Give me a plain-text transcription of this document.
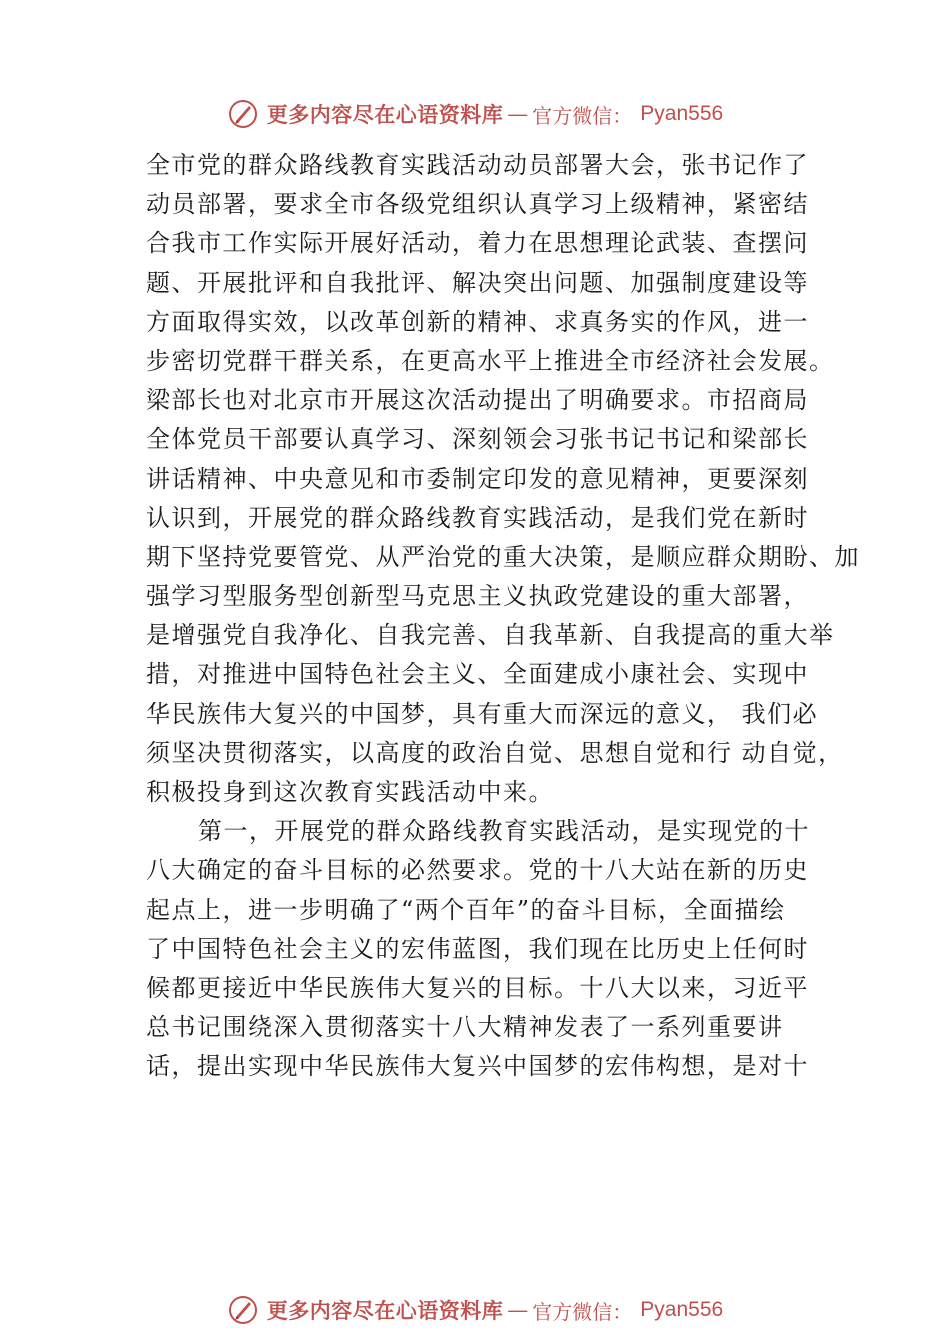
更多内容尽在心语资料库 — 官方微信： Pyan556
全市党的群众路线教育实践活动动员部署大会，张书记作了
动员部署，要求全市各级党组织认真学习上级精神，紧密结
合我市工作实际开展好活动，着力在思想理论武装、查摆问
题、开展批评和自我批评、解决突出问题、加强制度建设等
方面取得实效，以改革创新的精神、求真务实的作风，进一
步密切党群干群关系，在更高水平上推进全市经济社会发展。
梁部长也对北京市开展这次活动提出了明确要求。市招商局
全体党员干部要认真学习、深刻领会习张书记书记和梁部长
讲话精神、中央意见和市委制定印发的意见精神，更要深刻
认识到，开展党的群众路线教育实践活动，是我们党在新时
期下坚持党要管党、从严治党的重大决策，是顺应群众期盼、加
强学习型服务型创新型马克思主义执政党建设的重大部署，
是增强党自我净化、自我完善、自我革新、自我提高的重大举
措，对推进中国特色社会主义、全面建成小康社会、实现中
华民族伟大复兴的中国梦，具有重大而深远的意义， 我们必
须坚决贯彻落实，以高度的政治自觉、思想自觉和行 动自觉，
积极投身到这次教育实践活动中来。
第一，开展党的群众路线教育实践活动，是实现党的十
八大确定的奋斗目标的必然要求。党的十八大站在新的历史
起点上，进一步明确了“两个百年”的奋斗目标，全面描绘
了中国特色社会主义的宏伟蓝图，我们现在比历史上任何时
候都更接近中华民族伟大复兴的目标。十八大以来，习近平
总书记围绕深入贯彻落实十八大精神发表了一系列重要讲
话，提出实现中华民族伟大复兴中国梦的宏伟构想，是对十
更多内容尽在心语资料库 — 官方微信： Pyan556
